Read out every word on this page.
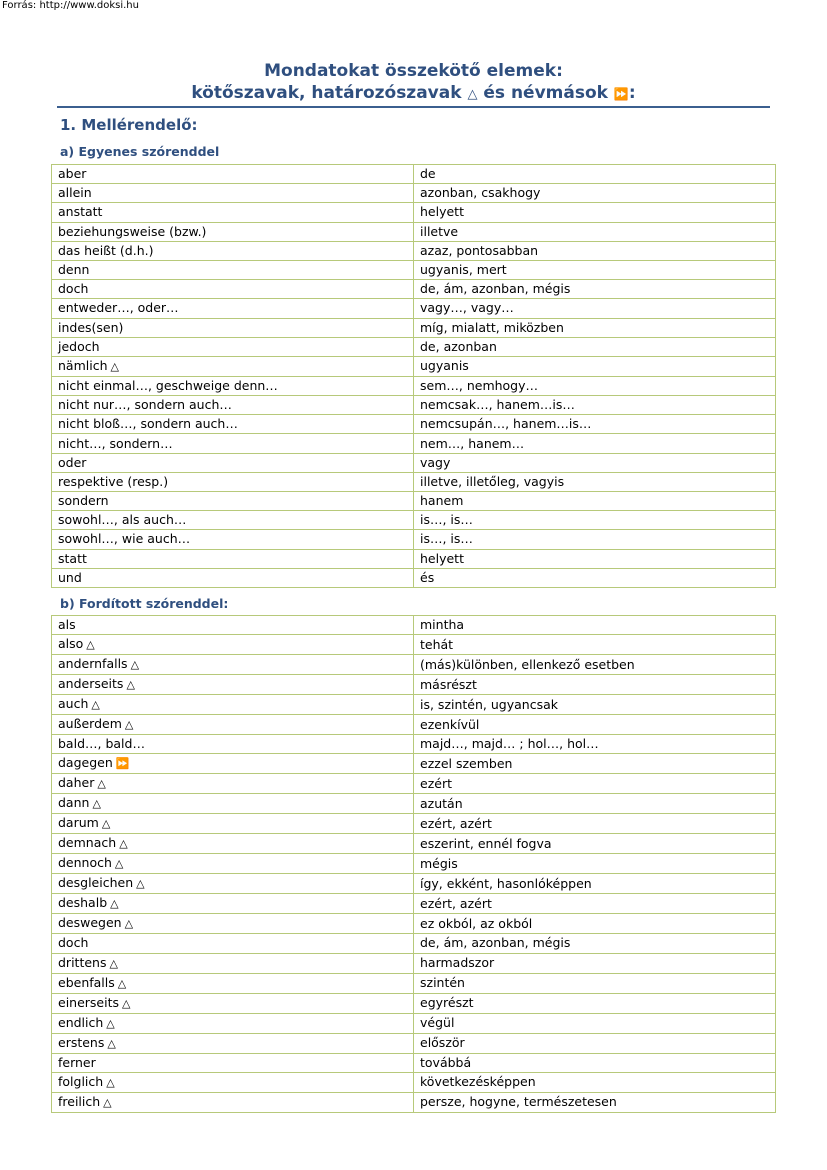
Forrás: http://www.doksi.hu
Mondatokat összekötő elemek:
kötőszavak, határozószavak △ és névmások ⏩:
1. Mellérendelő:
a) Egyenes szórenddel
aber	de
allein	azonban, csakhogy
anstatt	helyett
beziehungsweise (bzw.)	illetve
das heißt (d.h.)	azaz, pontosabban
denn	ugyanis, mert
doch	de, ám, azonban, mégis
entweder…, oder…	vagy…, vagy…
indes(sen)	míg, mialatt, miközben
jedoch	de, azonban
nämlich △	ugyanis
nicht einmal…, geschweige denn…	sem…, nemhogy…
nicht nur…, sondern auch…	nemcsak…, hanem…is…
nicht bloß…, sondern auch…	nemcsupán…, hanem…is…
nicht…, sondern…	nem…, hanem…
oder	vagy
respektive (resp.)	illetve, illetőleg, vagyis
sondern	hanem
sowohl…, als auch…	is…, is…
sowohl…, wie auch…	is…, is…
statt	helyett
und	és
b) Fordított szórenddel:
als	mintha
also △	tehát
andernfalls △	(más)különben, ellenkező esetben
anderseits △	másrészt
auch △	is, szintén, ugyancsak
außerdem △	ezenkívül
bald…, bald…	majd…, majd… ; hol…, hol…
dagegen ⏩	ezzel szemben
daher △	ezért
dann △	azután
darum △	ezért, azért
demnach △	eszerint, ennél fogva
dennoch △	mégis
desgleichen △	így, ekként, hasonlóképpen
deshalb △	ezért, azért
deswegen △	ez okból, az okból
doch	de, ám, azonban, mégis
drittens △	harmadszor
ebenfalls △	szintén
einerseits △	egyrészt
endlich △	végül
erstens △	először
ferner	továbbá
folglich △	következésképpen
freilich △	persze, hogyne, természetesen
